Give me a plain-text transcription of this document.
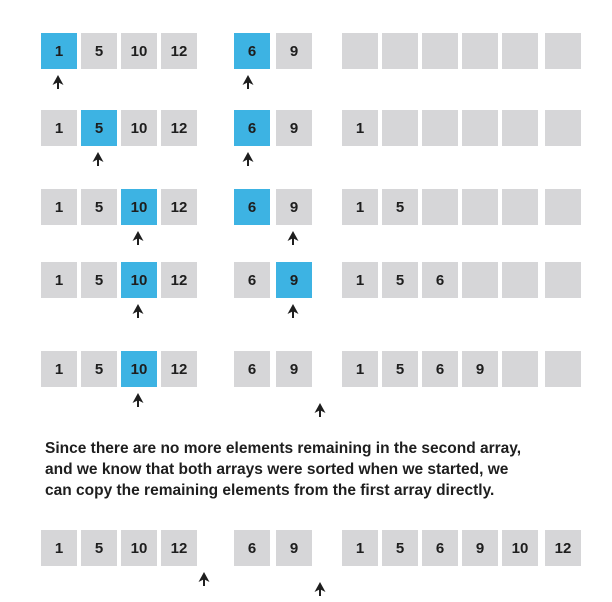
1	5	10	12	6	9
1	5	10	12	6	9	1
1	5	10	12	6	9	1	5
1	5	10	12	6	9	1	5	6
1	5	10	12	6	9	1	5	6	9
1	5	10	12	6	9	1	5	6	9	10	12
Since there are no more elements remaining in the second array,
and we know that both arrays were sorted when we started, we
can copy the remaining elements from the first array directly.
